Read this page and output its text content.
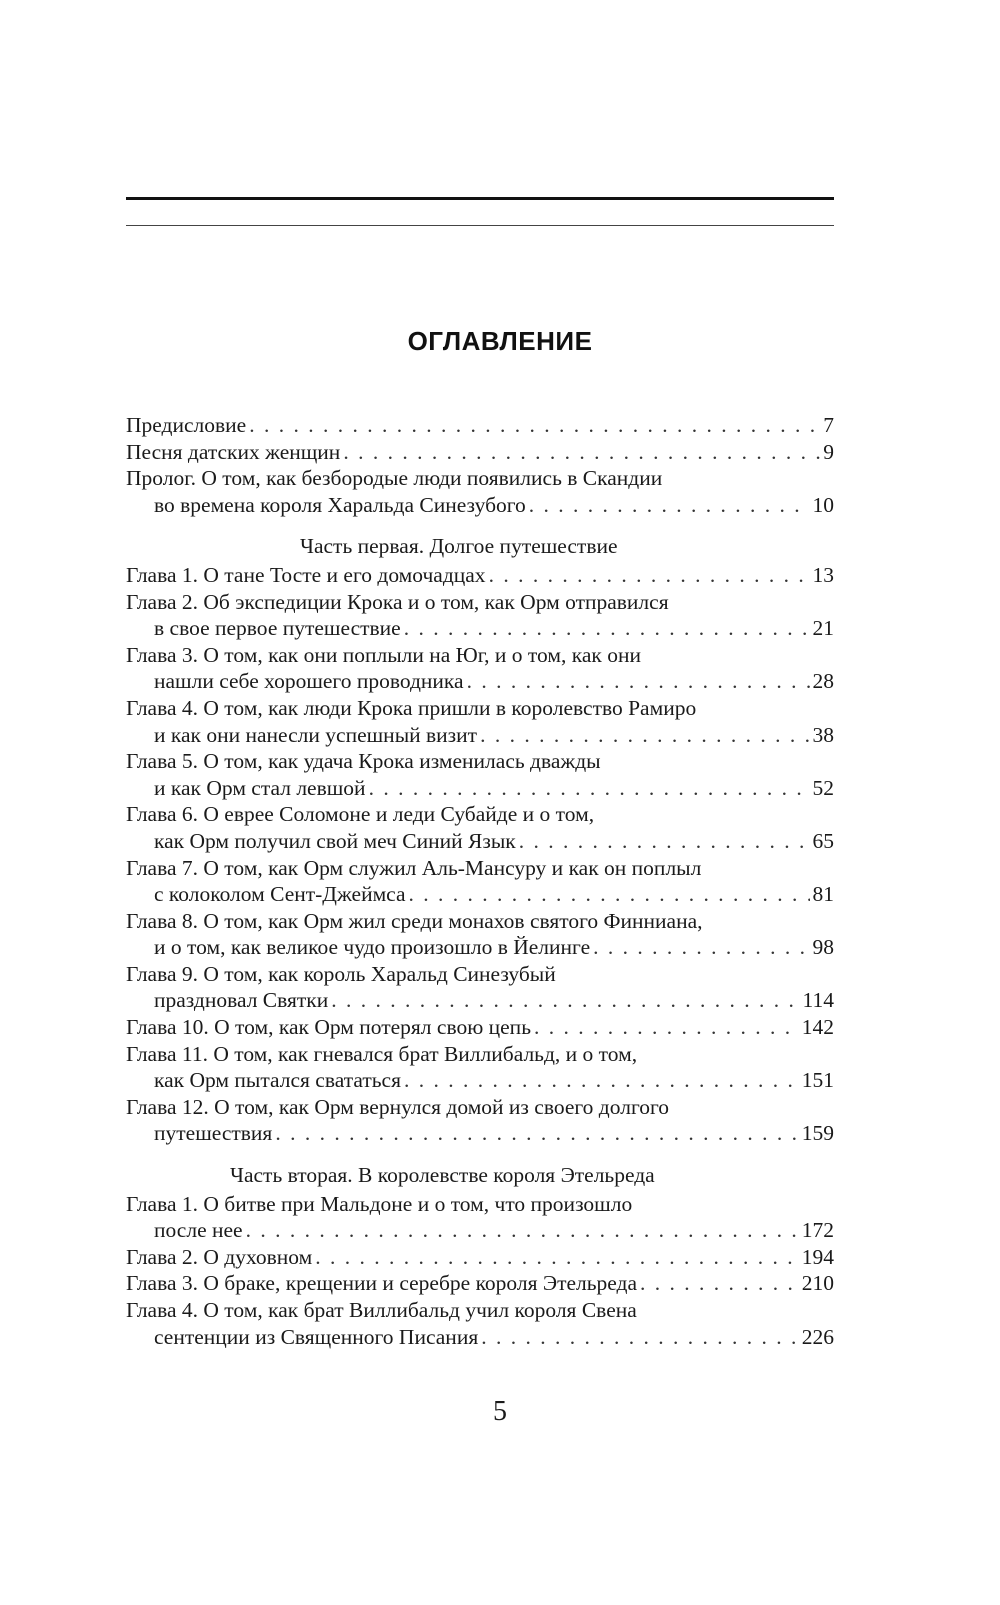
ОГЛАВЛЕНИЕ
Предисловие . . .	7
Песня датских женщин . . .	9
Пролог. О том, как безбородые люди появились в Скандии
во времена короля Харальда Синезубого . . .	10
Часть первая. Долгое путешествие
Глава 1. О тане Тосте и его домочадцах . . .	13
Глава 2. Об экспедиции Крока и о том, как Орм отправился
в свое первое путешествие . . .	21
Глава 3. О том, как они поплыли на Юг, и о том, как они
нашли себе хорошего проводника . . .	28
Глава 4. О том, как люди Крока пришли в королевство Рамиро
и как они нанесли успешный визит . . .	38
Глава 5. О том, как удача Крока изменилась дважды
и как Орм стал левшой . . .	52
Глава 6. О еврее Соломоне и леди Субайде и о том,
как Орм получил свой меч Синий Язык . . .	65
Глава 7. О том, как Орм служил Аль-Мансуру и как он поплыл
с колоколом Сент-Джеймса . . .	81
Глава 8. О том, как Орм жил среди монахов святого Финниана,
и о том, как великое чудо произошло в Йелинге . . .	98
Глава 9. О том, как король Харальд Синезубый
праздновал Святки . . .	114
Глава 10. О том, как Орм потерял свою цепь . . .	142
Глава 11. О том, как гневался брат Виллибальд, и о том,
как Орм пытался свататься . . .	151
Глава 12. О том, как Орм вернулся домой из своего долгого
путешествия . . .	159
Часть вторая. В королевстве короля Этельреда
Глава 1. О битве при Мальдоне и о том, что произошло
после нее . . .	172
Глава 2. О духовном . . .	194
Глава 3. О браке, крещении и серебре короля Этельреда . . .	210
Глава 4. О том, как брат Виллибальд учил короля Свена
сентенции из Священного Писания . . .	226
5
